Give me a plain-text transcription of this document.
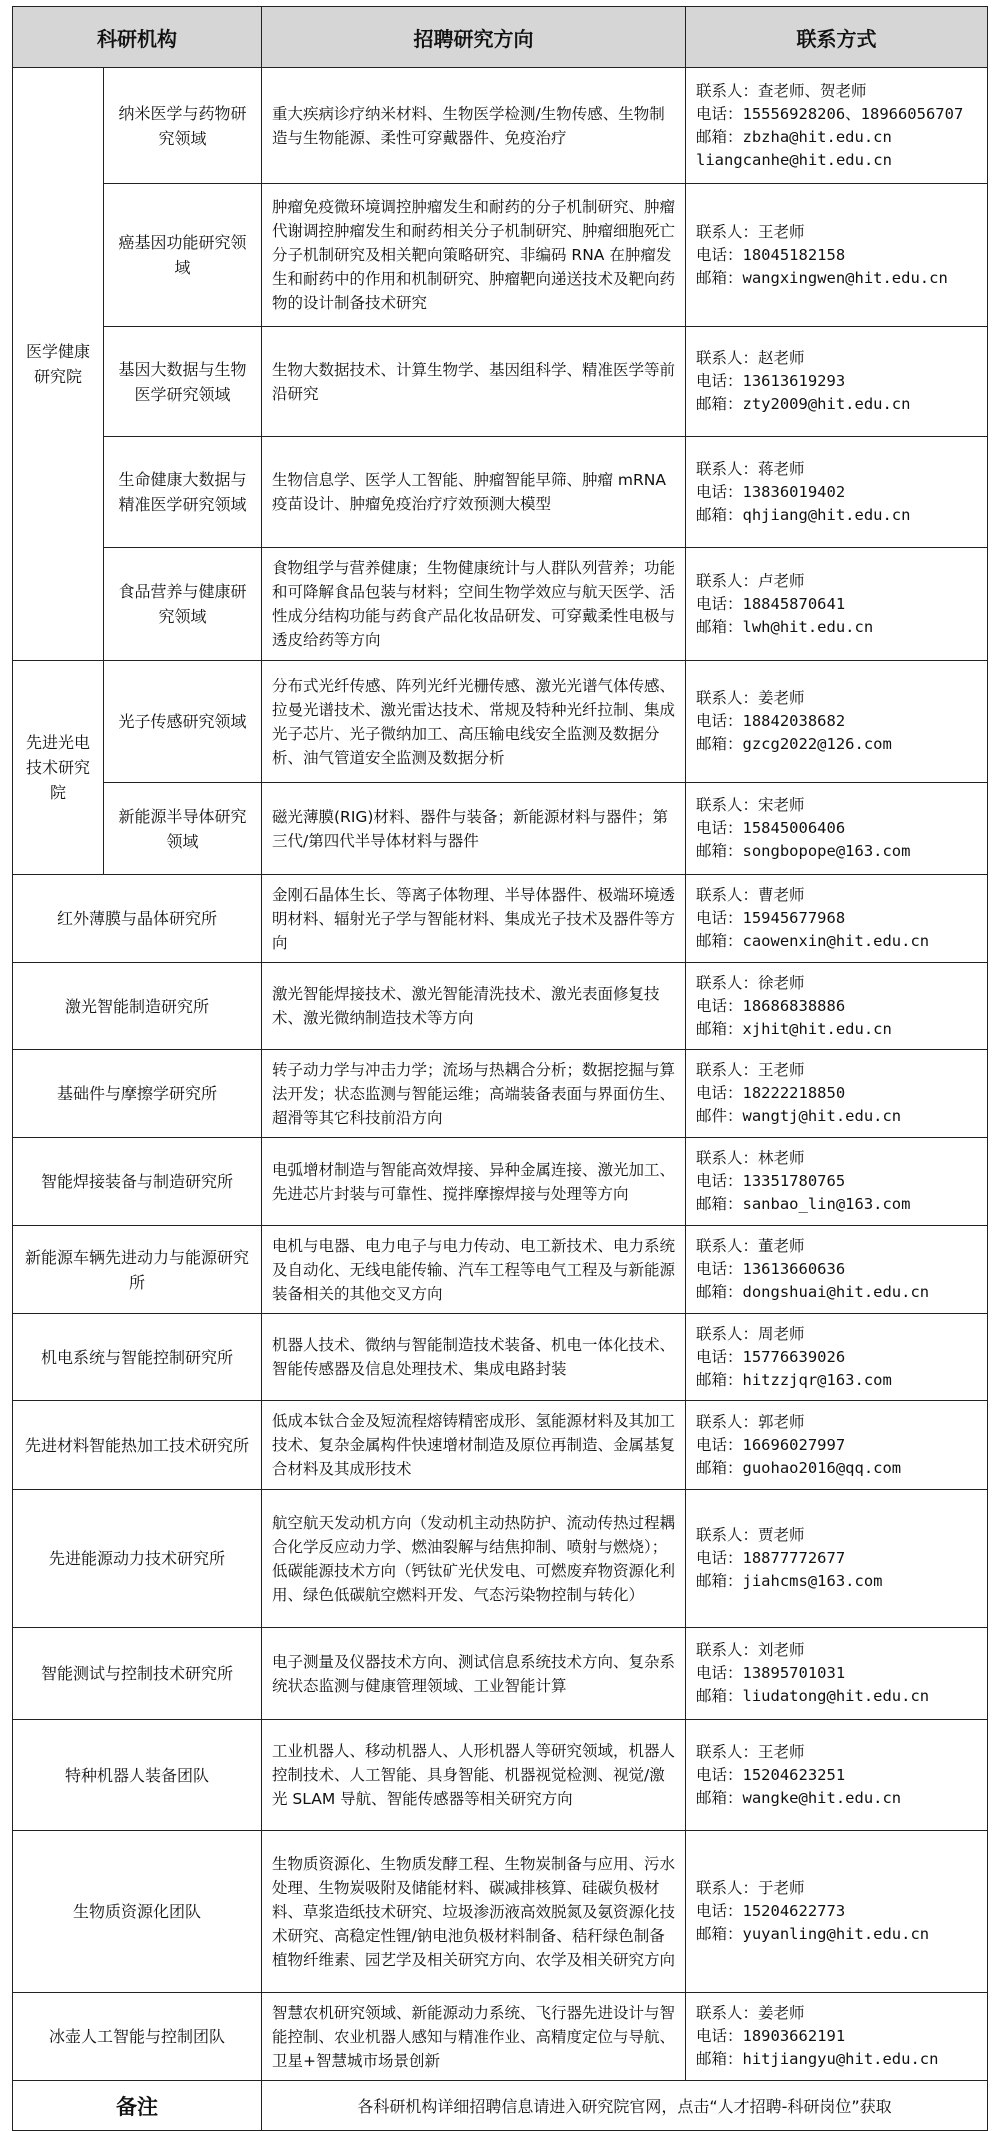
科研机构		招聘研究方向	联系方式
医学健康研究院	纳米医学与药物研究领域	重大疾病诊疗纳米材料、生物医学检测/生物传感、生物制造与生物能源、柔性可穿戴器件、免疫治疗	联系人：查老师、贺老师
电话：15556928206、18966056707
邮箱：zbzha@hit.edu.cn
liangcanhe@hit.edu.cn

	癌基因功能研究领域	肿瘤免疫微环境调控肿瘤发生和耐药的分子机制研究、肿瘤代谢调控肿瘤发生和耐药相关分子机制研究、肿瘤细胞死亡分子机制研究及相关靶向策略研究、非编码 RNA 在肿瘤发生和耐药中的作用和机制研究、肿瘤靶向递送技术及靶向药物的设计制备技术研究	联系人：王老师
电话：18045182158
邮箱：wangxingwen@hit.edu.cn

	基因大数据与生物医学研究领域	生物大数据技术、计算生物学、基因组科学、精准医学等前沿研究	联系人：赵老师
电话：13613619293
邮箱：zty2009@hit.edu.cn

	生命健康大数据与精准医学研究领域	生物信息学、医学人工智能、肿瘤智能早筛、肿瘤 mRNA 疫苗设计、肿瘤免疫治疗疗效预测大模型	联系人：蒋老师
电话：13836019402
邮箱：qhjiang@hit.edu.cn

	食品营养与健康研究领域	食物组学与营养健康；生物健康统计与人群队列营养；功能和可降解食品包装与材料；空间生物学效应与航天医学、活性成分结构功能与药食产品化妆品研发、可穿戴柔性电极与透皮给药等方向	联系人：卢老师
电话：18845870641
邮箱：lwh@hit.edu.cn

先进光电技术研究院	光子传感研究领域	分布式光纤传感、阵列光纤光栅传感、激光光谱气体传感、拉曼光谱技术、激光雷达技术、常规及特种光纤拉制、集成光子芯片、光子微纳加工、高压输电线安全监测及数据分析、油气管道安全监测及数据分析	联系人：姜老师
电话：18842038682
邮箱：gzcg2022@126.com

	新能源半导体研究领域	磁光薄膜(RIG)材料、器件与装备；新能源材料与器件；第三代/第四代半导体材料与器件	联系人：宋老师
电话：15845006406
邮箱：songbopope@163.com

红外薄膜与晶体研究所		金刚石晶体生长、等离子体物理、半导体器件、极端环境透明材料、辐射光子学与智能材料、集成光子技术及器件等方向	联系人：曹老师
电话：15945677968
邮箱：caowenxin@hit.edu.cn

激光智能制造研究所		激光智能焊接技术、激光智能清洗技术、激光表面修复技术、激光微纳制造技术等方向	联系人：徐老师
电话：18686838886
邮箱：xjhit@hit.edu.cn

基础件与摩擦学研究所		转子动力学与冲击力学；流场与热耦合分析；数据挖掘与算法开发；状态监测与智能运维；高端装备表面与界面仿生、超滑等其它科技前沿方向	联系人：王老师
电话：18222218850
邮件：wangtj@hit.edu.cn

智能焊接装备与制造研究所		电弧增材制造与智能高效焊接、异种金属连接、激光加工、先进芯片封装与可靠性、搅拌摩擦焊接与处理等方向	联系人：林老师
电话：13351780765
邮箱：sanbao_lin@163.com

新能源车辆先进动力与能源研究所		电机与电器、电力电子与电力传动、电工新技术、电力系统及自动化、无线电能传输、汽车工程等电气工程及与新能源装备相关的其他交叉方向	联系人：董老师
电话：13613660636
邮箱：dongshuai@hit.edu.cn

机电系统与智能控制研究所		机器人技术、微纳与智能制造技术装备、机电一体化技术、智能传感器及信息处理技术、集成电路封装	联系人：周老师
电话：15776639026
邮箱：hitzzjqr@163.com

先进材料智能热加工技术研究所		低成本钛合金及短流程熔铸精密成形、氢能源材料及其加工技术、复杂金属构件快速增材制造及原位再制造、金属基复合材料及其成形技术	联系人：郭老师
电话：16696027997
邮箱：guohao2016@qq.com

先进能源动力技术研究所		航空航天发动机方向（发动机主动热防护、流动传热过程耦合化学反应动力学、燃油裂解与结焦抑制、喷射与燃烧）；低碳能源技术方向（钙钛矿光伏发电、可燃废弃物资源化利用、绿色低碳航空燃料开发、气态污染物控制与转化）	联系人：贾老师
电话：18877772677
邮箱：jiahcms@163.com

智能测试与控制技术研究所		电子测量及仪器技术方向、测试信息系统技术方向、复杂系统状态监测与健康管理领域、工业智能计算	联系人：刘老师
电话：13895701031
邮箱：liudatong@hit.edu.cn

特种机器人装备团队		工业机器人、移动机器人、人形机器人等研究领域，机器人控制技术、人工智能、具身智能、机器视觉检测、视觉/激光 SLAM 导航、智能传感器等相关研究方向	联系人：王老师
电话：15204623251
邮箱：wangke@hit.edu.cn

生物质资源化团队		生物质资源化、生物质发酵工程、生物炭制备与应用、污水处理、生物炭吸附及储能材料、碳减排核算、硅碳负极材料、草浆造纸技术研究、垃圾渗沥液高效脱氮及氨资源化技术研究、高稳定性锂/钠电池负极材料制备、秸秆绿色制备植物纤维素、园艺学及相关研究方向、农学及相关研究方向	联系人：于老师
电话：15204622773
邮箱：yuyanling@hit.edu.cn

冰壶人工智能与控制团队		智慧农机研究领域、新能源动力系统、飞行器先进设计与智能控制、农业机器人感知与精准作业、高精度定位与导航、卫星+智慧城市场景创新	联系人：姜老师
电话：18903662191
邮箱：hitjiangyu@hit.edu.cn

备注		各科研机构详细招聘信息请进入研究院官网，点击“人才招聘-科研岗位”获取	
